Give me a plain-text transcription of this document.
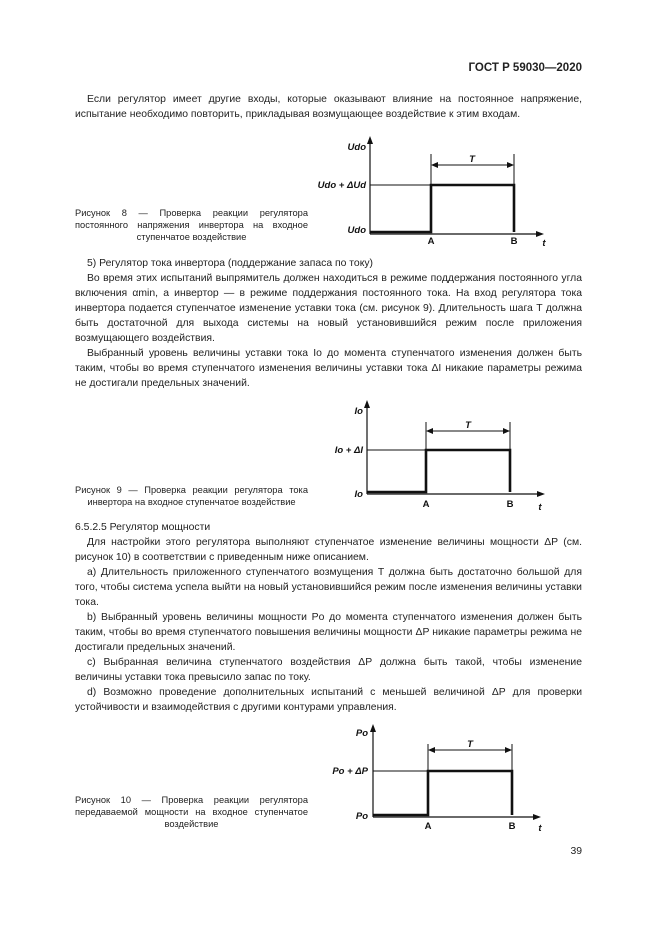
ГОСТ Р 59030—2020

Если регулятор имеет другие входы, которые оказывают влияние на постоянное напряжение, испытание необходимо повторить, прикладывая возмущающее воздействие к этим входам.

T
Udo
Udo + ΔUd
Udo
A	B	t
Рисунок 8 — Проверка реакции регулятора постоянного напряжения инвертора на входное ступенчатое воздействие

5) Регулятор тока инвертора (поддержание запаса по току)

Во время этих испытаний выпрямитель должен находиться в режиме поддержания постоянного угла включения αmin, а инвертор — в режиме поддержания постоянного тока. На вход регулятора тока инвертора подается ступенчатое изменение уставки тока (см. рисунок 9). Длительность шага T должна быть достаточной для выхода системы на новый установившийся режим после приложения возмущающего воздействия.

Выбранный уровень величины уставки тока Io до момента ступенчатого изменения должен быть таким, чтобы во время ступенчатого изменения величины уставки тока ΔI никакие параметры режима не достигали предельных значений.

T
Io
Io + ΔI
Io
A	B	t
Рисунок 9 — Проверка реакции регулятора тока инвертора на входное ступенчатое воздействие

6.5.2.5 Регулятор мощности

Для настройки этого регулятора выполняют ступенчатое изменение величины мощности ΔP (см. рисунок 10) в соответствии с приведенным ниже описанием.

a) Длительность приложенного ступенчатого возмущения T должна быть достаточно большой для того, чтобы система успела выйти на новый установившийся режим после изменения величины уставки тока.

b) Выбранный уровень величины мощности Po до момента ступенчатого изменения должен быть таким, чтобы во время ступенчатого повышения величины мощности ΔP никакие параметры режима не достигали предельных значений.

c) Выбранная величина ступенчатого воздействия ΔP должна быть такой, чтобы изменение величины уставки тока превысило запас по току.

d) Возможно проведение дополнительных испытаний с меньшей величиной ΔP для проверки устойчивости и взаимодействия с другими контурами управления.

T
Po
Po + ΔP
Po
A	B t
Рисунок 10 — Проверка реакции регулятора передаваемой мощности на входное ступенчатое воздействие
39
